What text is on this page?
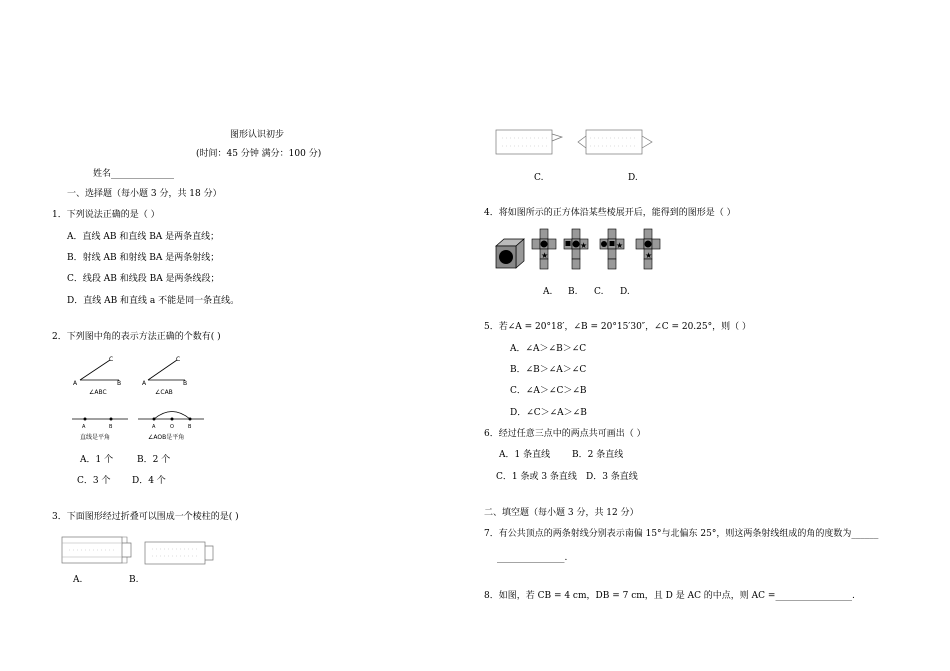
图形认识初步
(时间：45 分钟 满分：100 分)
姓名______________
一、选择题（每小题 3 分，共 18 分）
1．下列说法正确的是（ ）
A．直线 AB 和直线 BA 是两条直线；
B．射线 AB 和射线 BA 是两条射线；
C．线段 AB 和线段 BA 是两条线段；
D．直线 AB 和直线 a 不能是同一条直线。
2．下列图中角的表示方法正确的个数有( )
C
A	B
∠ABC
C
A	B
∠CAB
A	B
直线是平角
A	O	B
∠AOB是平角
A．1 个	B．2 个
C．3 个 D．4 个
3．下面图形经过折叠可以围成一个棱柱的是( )
A.	B.
C.	D.
4．将如图所示的正方体沿某些棱展开后，能得到的图形是（ ）
★
★	★
★
A. B. C. D.
5．若∠A = 20°18′，∠B = 20°15′30″，∠C = 20.25°，则（ ）
A．∠A＞∠B＞∠C
B．∠B＞∠A＞∠C
C．∠A＞∠C＞∠B
D．∠C＞∠A＞∠B
6．经过任意三点中的两点共可画出（ ）
A．1 条直线 B．2 条直线
C．1 条或 3 条直线 D．3 条直线
二、填空题（每小题 3 分，共 12 分）
7．有公共顶点的两条射线分别表示南偏 15°与北偏东 25°，则这两条射线组成的角的度数为______
_______________.
8．如图，若 CB = 4 cm，DB = 7 cm，且 D 是 AC 的中点，则 AC =_________________.
